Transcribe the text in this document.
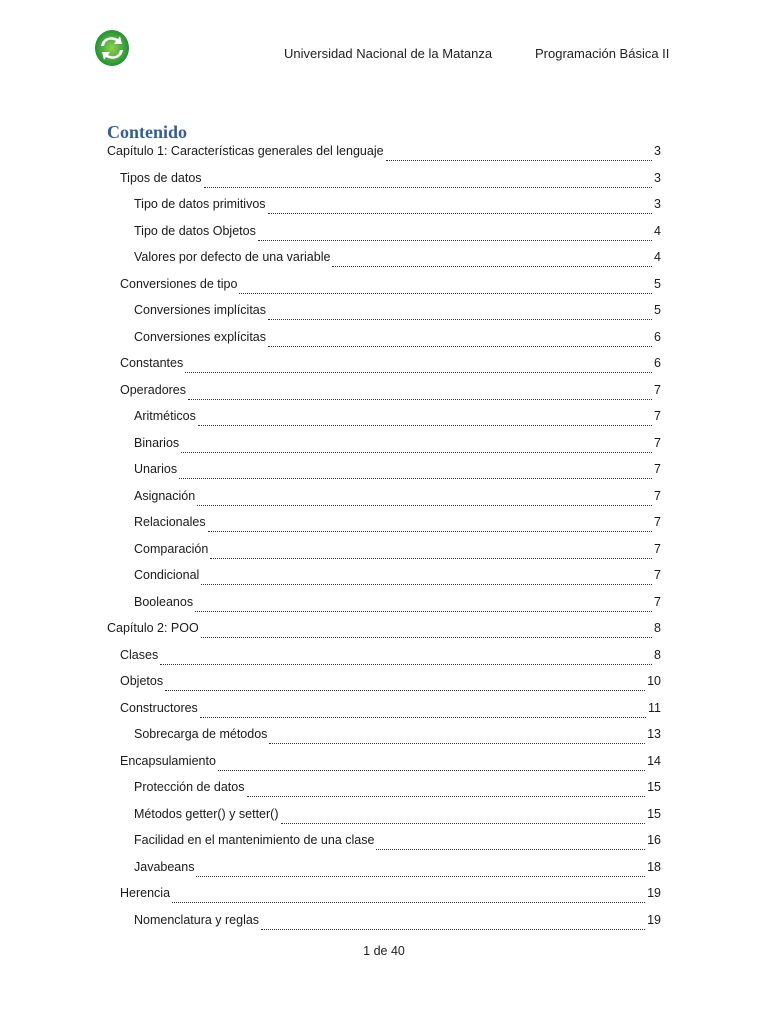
Universidad Nacional de la Matanza	Programación Básica II
Contenido
Capítulo 1: Características generales del lenguaje	3
Tipos de datos	3
Tipo de datos primitivos	3
Tipo de datos Objetos	4
Valores por defecto de una variable	4
Conversiones de tipo	5
Conversiones implícitas	5
Conversiones explícitas	6
Constantes	6
Operadores	7
Aritméticos	7
Binarios	7
Unarios	7
Asignación	7
Relacionales	7
Comparación	7
Condicional	7
Booleanos	7
Capítulo 2: POO	8
Clases	8
Objetos	10
Constructores	11
Sobrecarga de métodos	13
Encapsulamiento	14
Protección de datos	15
Métodos getter() y setter()	15
Facilidad en el mantenimiento de una clase	16
Javabeans	18
Herencia	19
Nomenclatura y reglas	19
1 de 40
